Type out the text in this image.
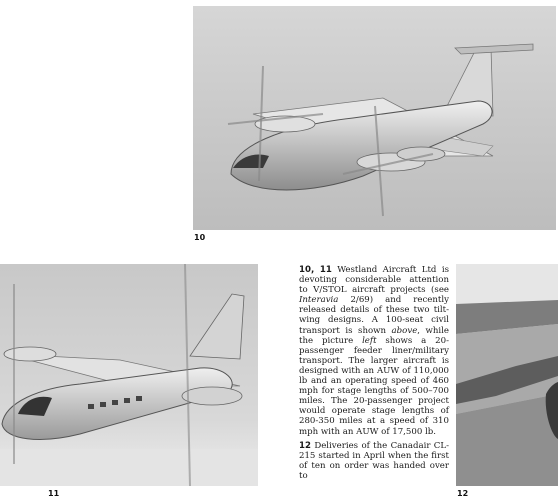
10
11	12

10, 11 Westland Aircraft Ltd is devoting considerable attention to V/STOL aircraft projects (see Interavia 2/69) and recently released details of these two tilt-wing designs. A 100-seat civil transport is shown above, while the picture left shows a 20-passenger feeder liner/military transport. The larger aircraft is designed with an AUW of 110,000 lb and an operating speed of 460 mph for stage lengths of 500–700 miles. The 20-passenger project would operate stage lengths of 280-350 miles at a speed of 310 mph with an AUW of 17,500 lb.

12 Deliveries of the Canadair CL-215 started in April when the first of ten on order was handed over to
